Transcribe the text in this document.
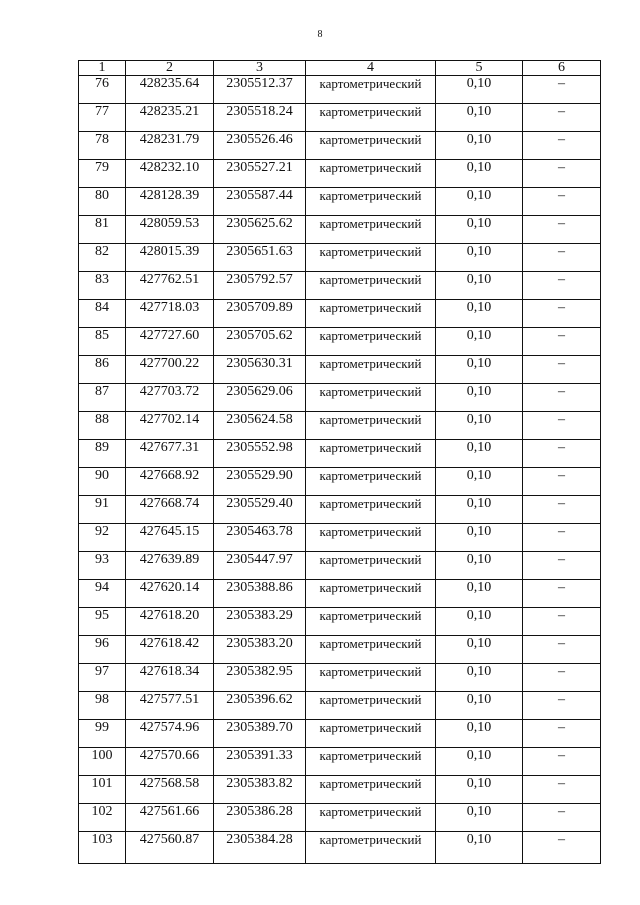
8
1	2	3	4	5	6
76	428235.64	2305512.37	картометрический	0,10	–
77	428235.21	2305518.24	картометрический	0,10	–
78	428231.79	2305526.46	картометрический	0,10	–
79	428232.10	2305527.21	картометрический	0,10	–
80	428128.39	2305587.44	картометрический	0,10	–
81	428059.53	2305625.62	картометрический	0,10	–
82	428015.39	2305651.63	картометрический	0,10	–
83	427762.51	2305792.57	картометрический	0,10	–
84	427718.03	2305709.89	картометрический	0,10	–
85	427727.60	2305705.62	картометрический	0,10	–
86	427700.22	2305630.31	картометрический	0,10	–
87	427703.72	2305629.06	картометрический	0,10	–
88	427702.14	2305624.58	картометрический	0,10	–
89	427677.31	2305552.98	картометрический	0,10	–
90	427668.92	2305529.90	картометрический	0,10	–
91	427668.74	2305529.40	картометрический	0,10	–
92	427645.15	2305463.78	картометрический	0,10	–
93	427639.89	2305447.97	картометрический	0,10	–
94	427620.14	2305388.86	картометрический	0,10	–
95	427618.20	2305383.29	картометрический	0,10	–
96	427618.42	2305383.20	картометрический	0,10	–
97	427618.34	2305382.95	картометрический	0,10	–
98	427577.51	2305396.62	картометрический	0,10	–
99	427574.96	2305389.70	картометрический	0,10	–
100	427570.66	2305391.33	картометрический	0,10	–
101	427568.58	2305383.82	картометрический	0,10	–
102	427561.66	2305386.28	картометрический	0,10	–
103	427560.87	2305384.28	картометрический	0,10	–
